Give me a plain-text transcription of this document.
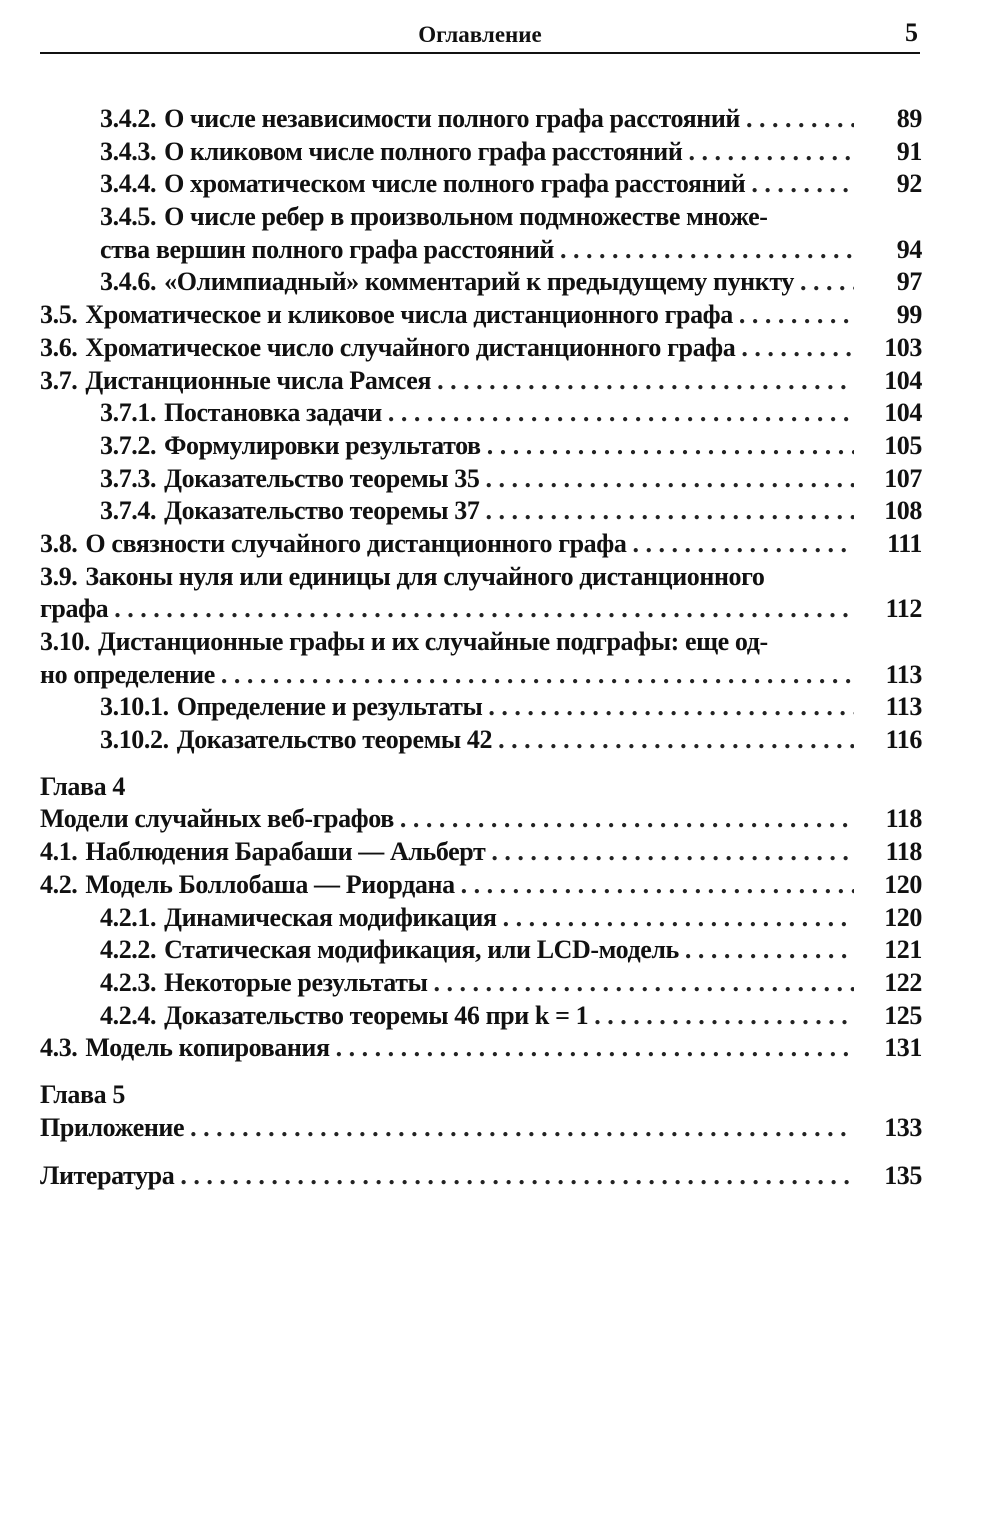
Оглавление	5
3.4.2. О числе независимости полного графа расстояний . . .	89
3.4.3. О кликовом числе полного графа расстояний . . .	91
3.4.4. О хроматическом числе полного графа расстояний . . .	92
3.4.5. О числе ребер в произвольном подмножестве множе-
ства вершин полного графа расстояний . . .	94
3.4.6. «Олимпиадный» комментарий к предыдущему пункту . . .	97
3.5. Хроматическое и кликовое числа дистанционного графа . . .	99
3.6. Хроматическое число случайного дистанционного графа . . .	103
3.7. Дистанционные числа Рамсея . . .	104
3.7.1. Постановка задачи . . .	104
3.7.2. Формулировки результатов . . .	105
3.7.3. Доказательство теоремы 35 . . .	107
3.7.4. Доказательство теоремы 37 . . .	108
3.8. О связности случайного дистанционного графа . . .	111
3.9. Законы нуля или единицы для случайного дистанционного
графа . . .	112
3.10. Дистанционные графы и их случайные подграфы: еще од-
но определение . . .	113
3.10.1. Определение и результаты . . .	113
3.10.2. Доказательство теоремы 42 . . .	116
Глава 4
Модели случайных веб-графов . . .	118
4.1. Наблюдения Барабаши — Альберт . . .	118
4.2. Модель Боллобаша — Риордана . . .	120
4.2.1. Динамическая модификация . . .	120
4.2.2. Статическая модификация, или LCD-модель . . .	121
4.2.3. Некоторые результаты . . .	122
4.2.4. Доказательство теоремы 46 при k = 1 . . .	125
4.3. Модель копирования . . .	131
Глава 5
Приложение . . .	133
Литература . . .	135
